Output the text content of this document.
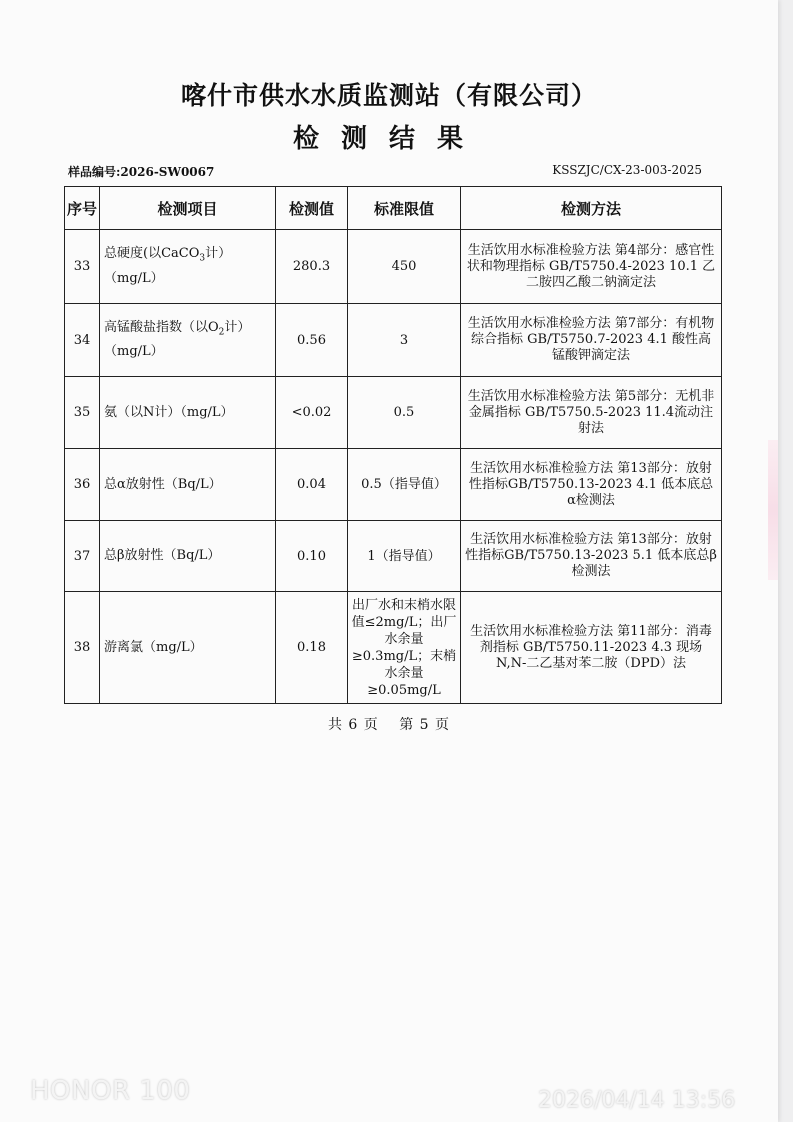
喀什市供水水质监测站（有限公司）
检测结果
样品编号:2026-SW0067	KSSZJC/CX-23-003-2025
序号	检测项目	检测值	标准限值	检测方法
33	总硬度(以CaCO$_3$计）（mg/L）	280.3	450	生活饮用水标准检验方法 第4部分：感官性状和物理指标 GB/T5750.4-2023 10.1 乙二胺四乙酸二钠滴定法
34	高锰酸盐指数（以$O_2$计）（mg/L）	0.56	3	生活饮用水标准检验方法 第7部分：有机物综合指标 GB/T5750.7-2023 4.1 酸性高锰酸钾滴定法
35	氨（以N计）（mg/L）	<0.02	0.5	生活饮用水标准检验方法 第5部分：无机非金属指标 GB/T5750.5-2023 11.4流动注射法
36	总α放射性（Bq/L）	0.04	0.5（指导值）	生活饮用水标准检验方法 第13部分：放射性指标GB/T5750.13-2023 4.1 低本底总α检测法
37	总β放射性（Bq/L）	0.10	1（指导值）	生活饮用水标准检验方法 第13部分：放射性指标GB/T5750.13-2023 5.1 低本底总β检测法
38	游离氯（mg/L）	0.18	出厂水和末梢水限值≤2mg/L；出厂水余量≥0.3mg/L；末梢水余量≥0.05mg/L	生活饮用水标准检验方法 第11部分：消毒剂指标 GB/T5750.11-2023 4.3 现场N,N-二乙基对苯二胺（DPD）法
共 6 页　 第 5 页
HONOR 100	2026/04/14 13:56
